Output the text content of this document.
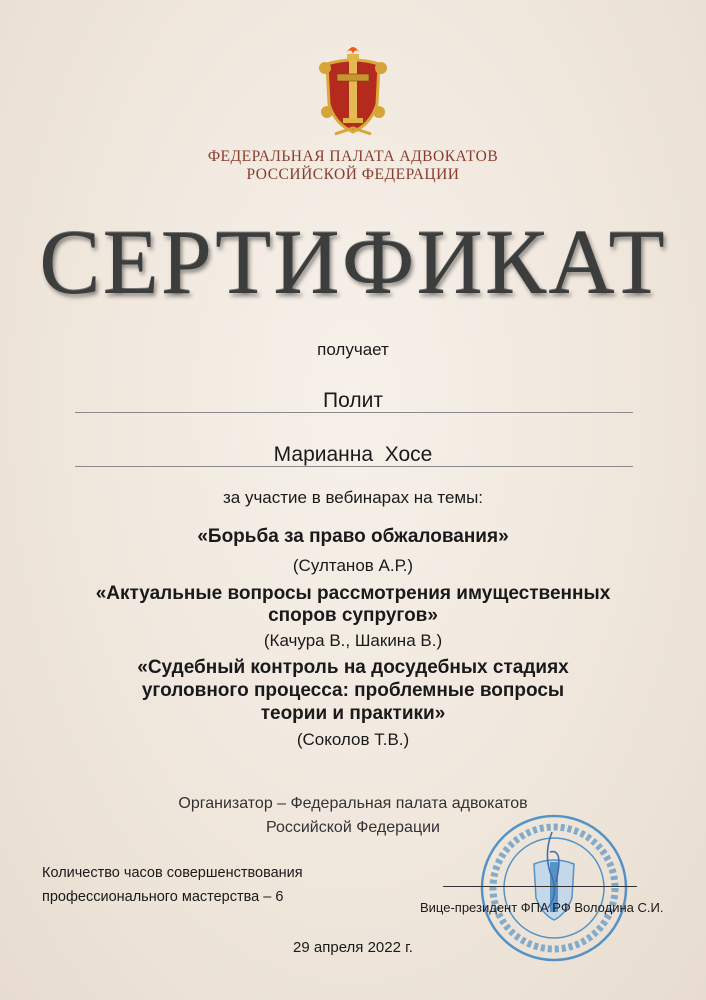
ФЕДЕРАЛЬНАЯ ПАЛАТА АДВОКАТОВ
РОССИЙСКОЙ ФЕДЕРАЦИИ
СЕРТИФИКАТ
получает
Полит
Марианна  Хосе
за участие в вебинарах на темы:
«Борьба за право обжалования»
(Султанов А.Р.)
«Актуальные вопросы рассмотрения имущественных
споров супругов»
(Качура В., Шакина В.)
«Судебный контроль на досудебных стадиях
уголовного процесса: проблемные вопросы
теории и практики»
(Соколов Т.В.)
Организатор – Федеральная палата адвокатов
Российской Федерации
Количество часов совершенствования
профессионального мастерства – 6
Вице-президент ФПА РФ Володина С.И.
29 апреля 2022 г.
